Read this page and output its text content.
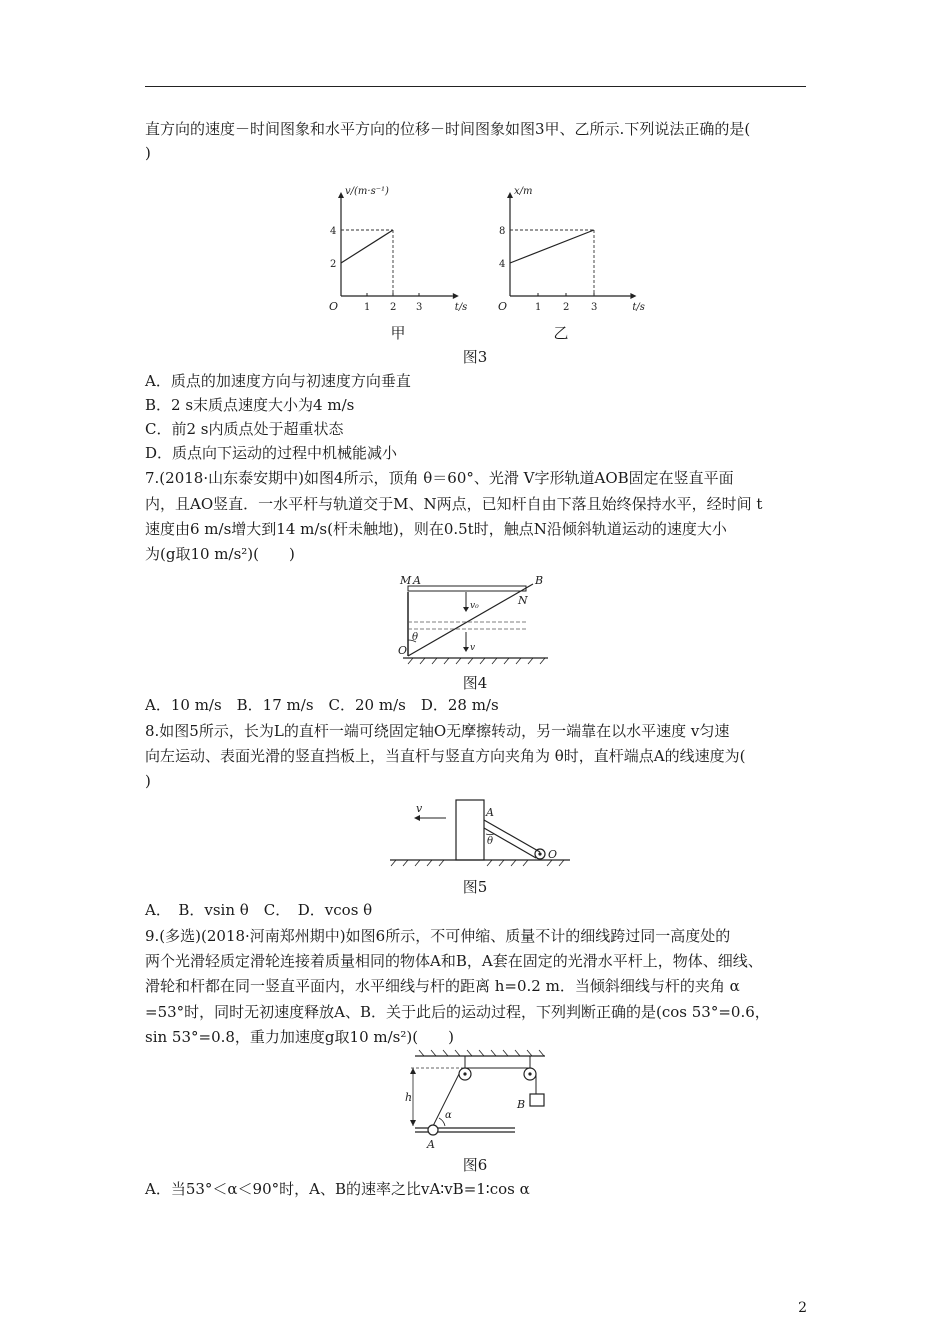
直方向的速度－时间图象和水平方向的位移－时间图象如图3甲、乙所示.下列说法正确的是(
)
1 2 3
2
4
O	t/s
v/(m·s⁻¹)
甲
1 2 3
4
8
O	t/s
x/m
乙
图3
A．质点的加速度方向与初速度方向垂直
B．2 s末质点速度大小为4 m/s
C．前2 s内质点处于超重状态
D．质点向下运动的过程中机械能减小
7.(2018·山东泰安期中)如图4所示，顶角 θ＝60°、光滑 V字形轨道AOB固定在竖直平面
内，且AO竖直．一水平杆与轨道交于M、N两点，已知杆自由下落且始终保持水平，经时间 t
速度由6 m/s增大到14 m/s(杆未触地)，则在0.5t时，触点N沿倾斜轨道运动的速度大小
为(g取10 m/s²)(　　)
M A	B
N
v₀
v
θ
O
图4
A．10 m/s　B．17 m/s　C．20 m/s　D．28 m/s
8.如图5所示，长为L的直杆一端可绕固定轴O无摩擦转动，另一端靠在以水平速度 v匀速
向左运动、表面光滑的竖直挡板上，当直杆与竖直方向夹角为 θ时，直杆端点A的线速度为(
)
v	A
θ
O
图5
A．　B．vsin θ　C．　D．vcos θ
9.(多选)(2018·河南郑州期中)如图6所示，不可伸缩、质量不计的细线跨过同一高度处的
两个光滑轻质定滑轮连接着质量相同的物体A和B，A套在固定的光滑水平杆上，物体、细线、
滑轮和杆都在同一竖直平面内，水平细线与杆的距离 h=0.2 m．当倾斜细线与杆的夹角 α
=53°时，同时无初速度释放A、B．关于此后的运动过程，下列判断正确的是(cos 53°=0.6，
sin 53°=0.8，重力加速度g取10 m/s²)(　　)
h
α
A
B
图6
A．当53°＜α＜90°时，A、B的速率之比vA∶vB=1∶cos α
2
